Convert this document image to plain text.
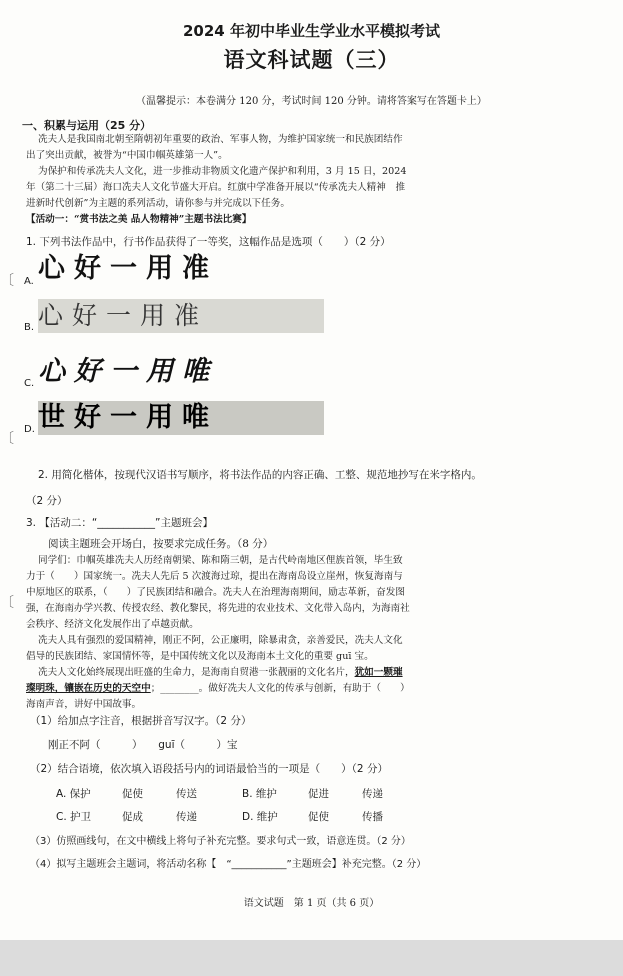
2024 年初中毕业生学业水平模拟考试
语文科试题（三）
（温馨提示：本卷满分 120 分，考试时间 120 分钟。请将答案写在答题卡上）
一、积累与运用（25 分）
冼夫人是我国南北朝至隋朝初年重要的政治、军事人物，为维护国家统一和民族团结作
出了突出贡献，被誉为“中国巾帼英雄第一人”。
为保护和传承冼夫人文化，进一步推动非物质文化遗产保护和利用，3 月 15 日，2024
年（第二十三届）海口冼夫人文化节盛大开启。红旗中学准备开展以“传承冼夫人精神　推
进新时代创新”为主题的系列活动，请你参与并完成以下任务。
【活动一：“赏书法之美 品人物精神”主题书法比赛】
1. 下列书法作品中，行书作品获得了一等奖，这幅作品是选项（　　）（2 分）
A. 心好一用准
B. 心好一用准
C. 心好一用唯
D. 世好一用唯
〔
〔
〔
2. 用简化楷体，按现代汉语书写顺序，将书法作品的内容正确、工整、规范地抄写在米字格内。
（2 分）
3. 【活动二：“___________”主题班会】
阅读主题班会开场白，按要求完成任务。（8 分）
同学们：巾帼英雄冼夫人历经南朝梁、陈和隋三朝，是古代岭南地区俚族首领，毕生致
力于（　　）国家统一。冼夫人先后 5 次渡海过琼，提出在海南岛设立崖州，恢复海南与
中原地区的联系，（　　）了民族团结和融合。冼夫人在治理海南期间，励志革新，奋发图
强，在海南办学兴教、传授农经、教化黎民，将先进的农业技术、文化带入岛内，为海南社
会秩序、经济文化发展作出了卓越贡献。
冼夫人具有强烈的爱国精神，刚正不阿，公正廉明，除暴肃贪，亲善爱民，冼夫人文化
倡导的民族团结、家国情怀等，是中国传统文化以及海南本土文化的重要 guī 宝。
冼夫人文化始终展现出旺盛的生命力，是海南自贸港一张靓丽的文化名片，犹如一颗璀
璨明珠，镶嵌在历史的天空中；________。做好冼夫人文化的传承与创新，有助于（　　）
海南声音，讲好中国故事。
（1）给加点字注音，根据拼音写汉字。（2 分）
刚正不阿（　　　）　　guī（　　　）宝
（2）结合语境，依次填入语段括号内的词语最恰当的一项是（　　）（2 分）
A. 保护	促使	传送	B. 维护	促进	传递
C. 护卫	促成	传递	D. 维护	促使	传播
（3）仿照画线句，在文中横线上将句子补充完整。要求句式一致，语意连贯。（2 分）
（4）拟写主题班会主题词，将活动名称【　“___________”主题班会】补充完整。（2 分）
语文试题　第 1 页（共 6 页）
